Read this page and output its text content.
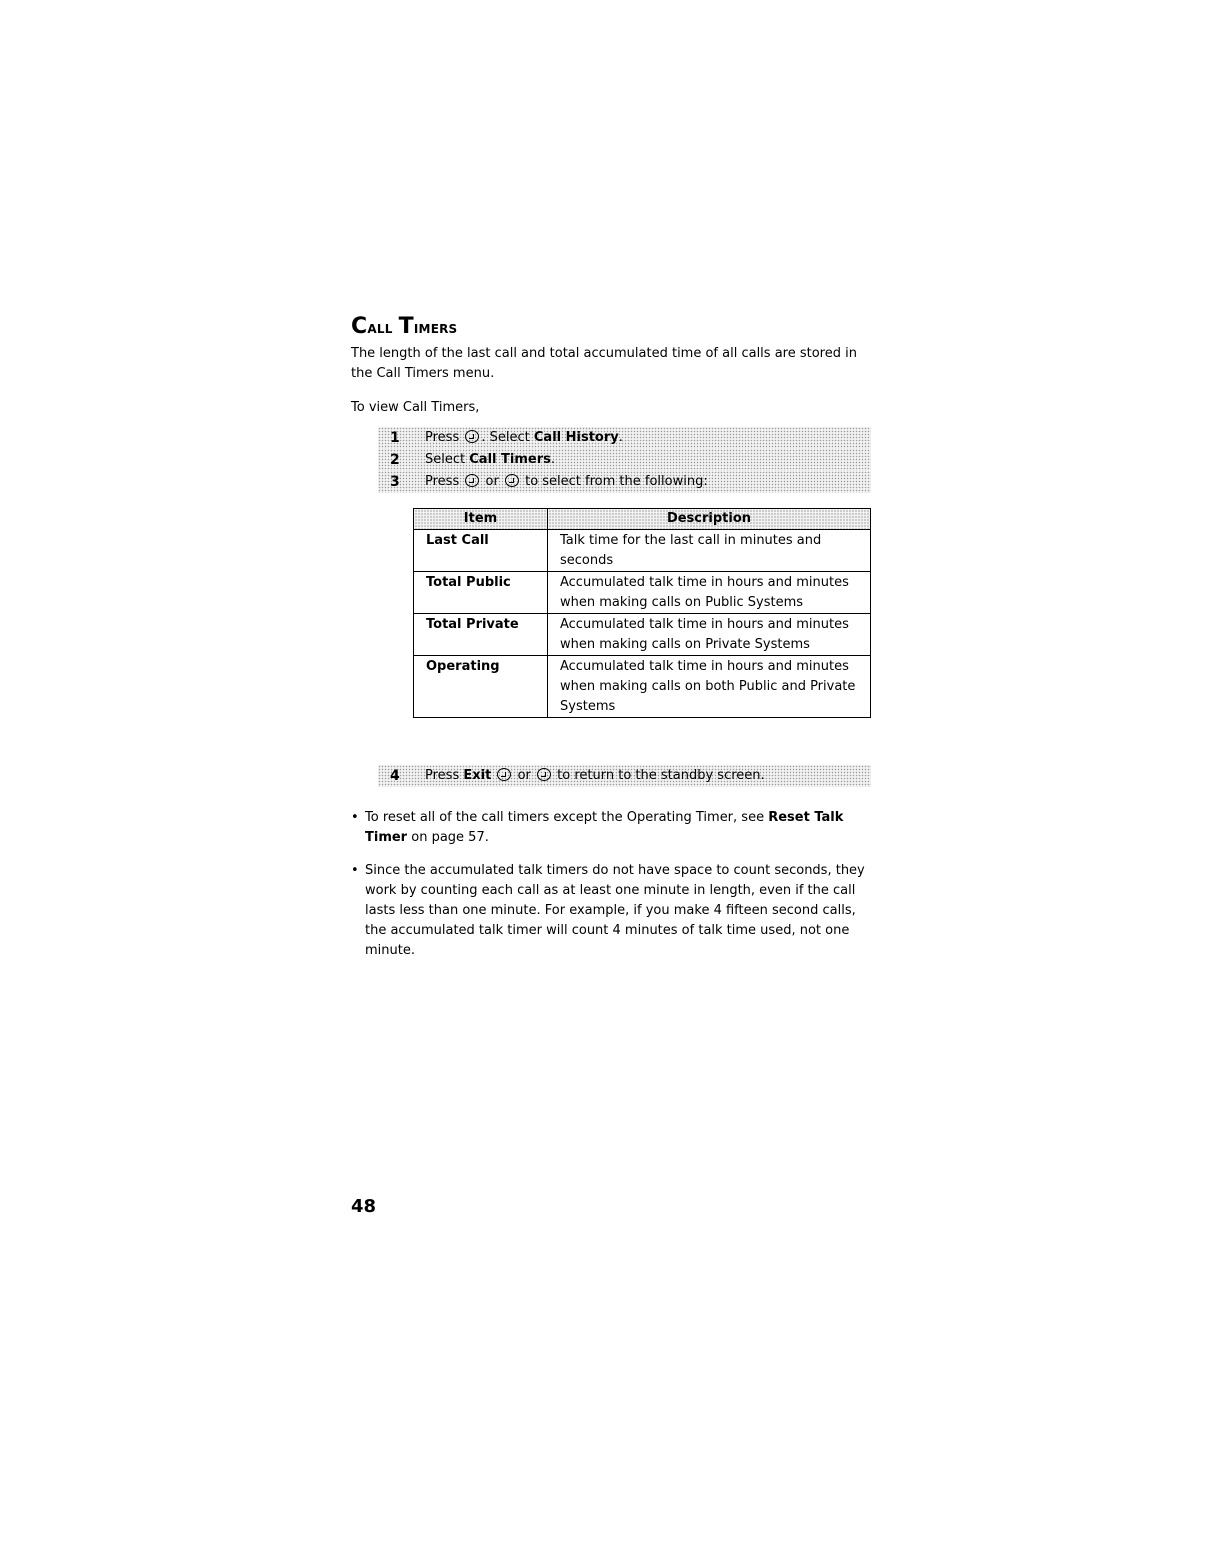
Call Timers

The length of the last call and total accumulated time of all calls are stored in the Call Timers menu.

To view Call Timers,

1 Press . Select Call History.
2 Select Call Timers.
3 Press or to select from the following:
Item	Description
Last Call	Talk time for the last call in minutes and seconds
Total Public	Accumulated talk time in hours and minutes when making calls on Public Systems
Total Private	Accumulated talk time in hours and minutes when making calls on Private Systems
Operating	Accumulated talk time in hours and minutes when making calls on both Public and Private Systems
4 Press Exit or to return to the standby screen.
• To reset all of the call timers except the Operating Timer, see Reset Talk Timer on page 57.
• Since the accumulated talk timers do not have space to count seconds, they work by counting each call as at least one minute in length, even if the call lasts less than one minute. For example, if you make 4 fifteen second calls, the accumulated talk timer will count 4 minutes of talk time used, not one minute.
48
